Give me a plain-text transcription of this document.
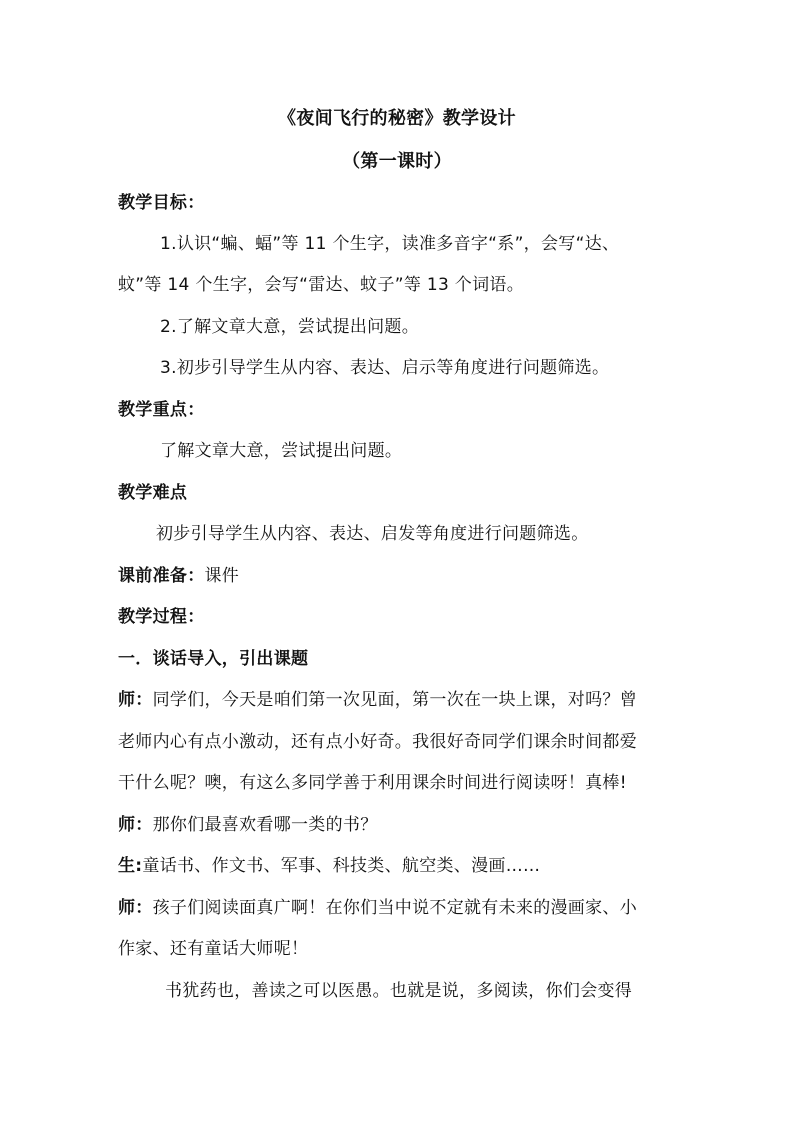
《夜间飞行的秘密》教学设计
（第一课时）
教学目标：
1.认识“蝙、蝠”等 11 个生字，读准多音字“系”，会写“达、
蚊”等 14 个生字，会写“雷达、蚊子”等 13 个词语。
2.了解文章大意，尝试提出问题。
3.初步引导学生从内容、表达、启示等角度进行问题筛选。
教学重点：
了解文章大意，尝试提出问题。
教学难点
初步引导学生从内容、表达、启发等角度进行问题筛选。
课前准备：课件
教学过程：
一．谈话导入，引出课题
师：同学们，今天是咱们第一次见面，第一次在一块上课，对吗？曾
老师内心有点小激动，还有点小好奇。我很好奇同学们课余时间都爱
干什么呢？噢，有这么多同学善于利用课余时间进行阅读呀！真棒!
师：那你们最喜欢看哪一类的书？
生:童话书、作文书、军事、科技类、航空类、漫画……
师：孩子们阅读面真广啊！在你们当中说不定就有未来的漫画家、小
作家、还有童话大师呢！
书犹药也，善读之可以医愚。也就是说，多阅读，你们会变得
